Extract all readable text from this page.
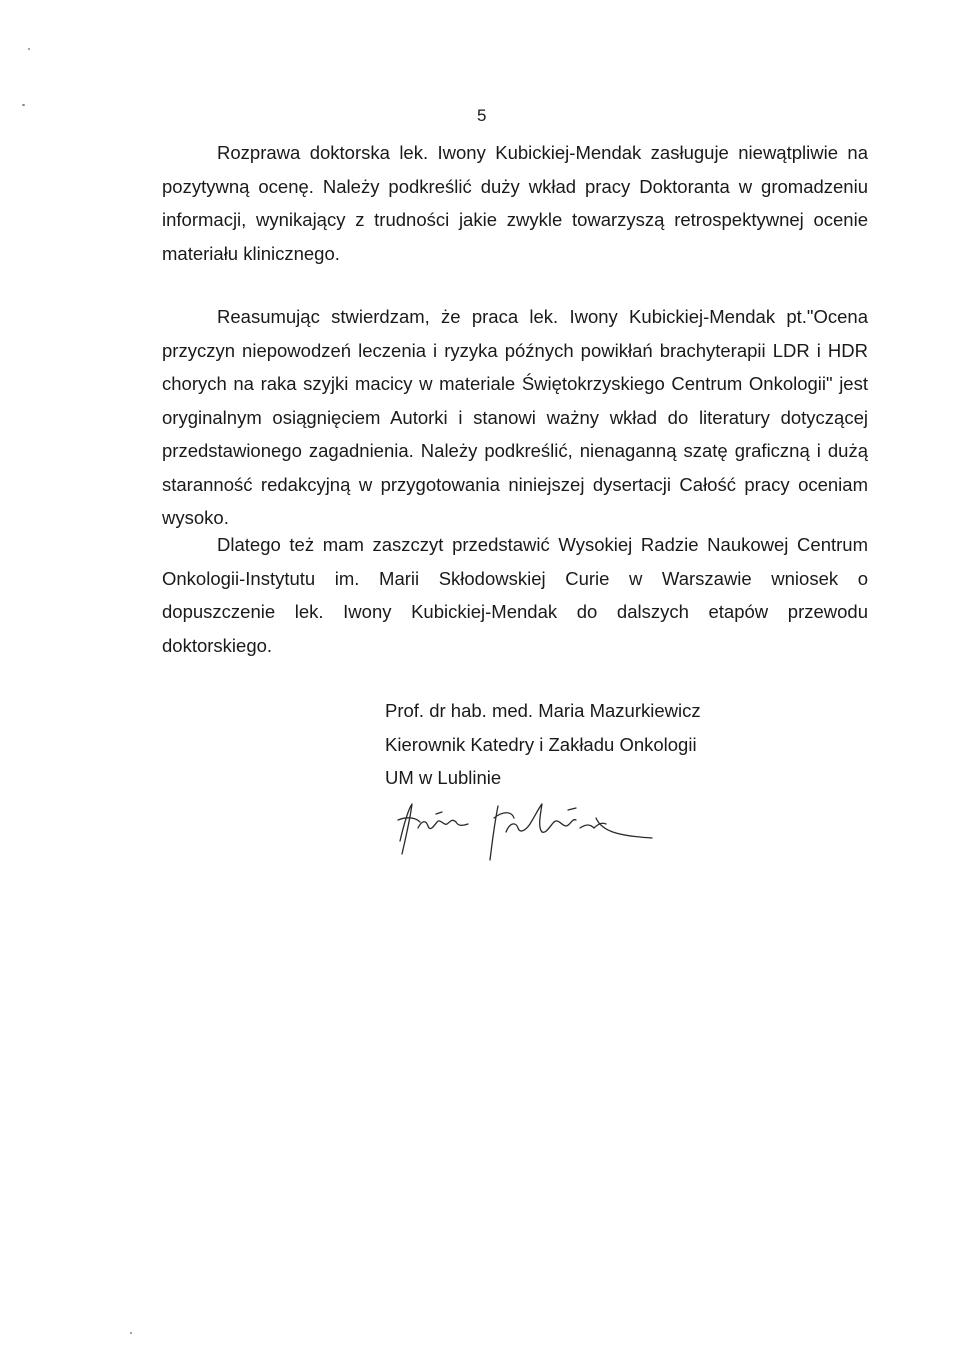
5

Rozprawa doktorska lek. Iwony Kubickiej-Mendak zasługuje niewątpliwie na pozytywną ocenę. Należy podkreślić duży wkład pracy Doktoranta w gromadzeniu informacji, wynikający z trudności jakie zwykle towarzyszą retrospektywnej ocenie materiału klinicznego.

Reasumując stwierdzam, że praca lek. Iwony Kubickiej-Mendak pt."Ocena przyczyn niepowodzeń leczenia i ryzyka późnych powikłań brachyterapii LDR i HDR chorych na raka szyjki macicy w materiale Świętokrzyskiego Centrum Onkologii" jest oryginalnym osiągnięciem Autorki i stanowi ważny wkład do literatury dotyczącej przedstawionego zagadnienia. Należy podkreślić, nienaganną szatę graficzną i dużą staranność redakcyjną w przygotowania niniejszej dysertacji Całość pracy oceniam wysoko.

Dlatego też mam zaszczyt przedstawić Wysokiej Radzie Naukowej Centrum Onkologii-Instytutu im. Marii Skłodowskiej Curie w Warszawie wniosek o dopuszczenie lek. Iwony Kubickiej-Mendak do dalszych etapów przewodu doktorskiego.

Prof. dr hab. med. Maria Mazurkiewicz
Kierownik Katedry i Zakładu Onkologii
UM w Lublinie
